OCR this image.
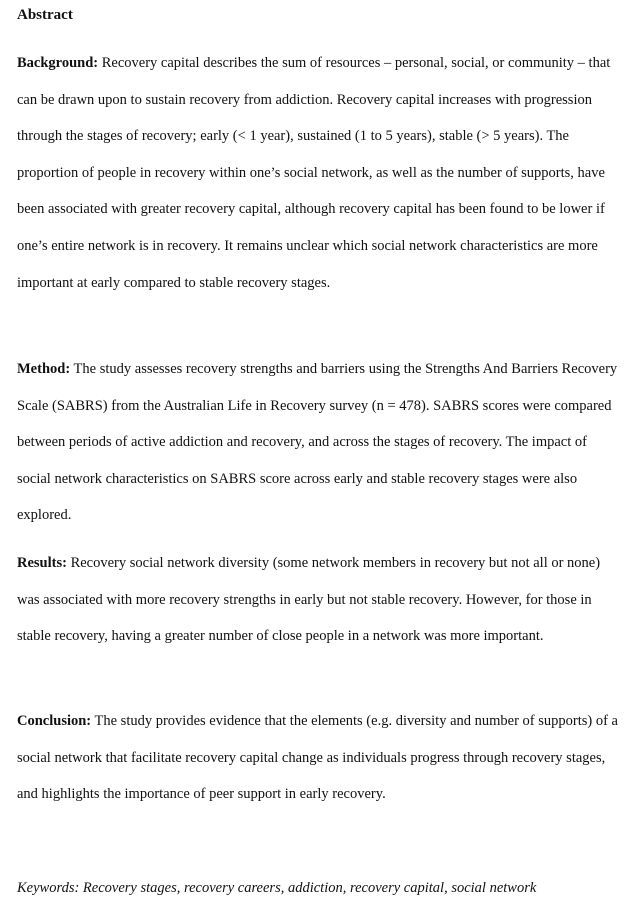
Abstract

Background: Recovery capital describes the sum of resources – personal, social, or community – that can be drawn upon to sustain recovery from addiction. Recovery capital increases with progression through the stages of recovery; early (< 1 year), sustained (1 to 5 years), stable (> 5 years). The proportion of people in recovery within one’s social network, as well as the number of supports, have been associated with greater recovery capital, although recovery capital has been found to be lower if one’s entire network is in recovery. It remains unclear which social network characteristics are more important at early compared to stable recovery stages.

Method: The study assesses recovery strengths and barriers using the Strengths And Barriers Recovery Scale (SABRS) from the Australian Life in Recovery survey (n = 478). SABRS scores were compared between periods of active addiction and recovery, and across the stages of recovery. The impact of social network characteristics on SABRS score across early and stable recovery stages were also explored.

Results: Recovery social network diversity (some network members in recovery but not all or none) was associated with more recovery strengths in early but not stable recovery. However, for those in stable recovery, having a greater number of close people in a network was more important.

Conclusion: The study provides evidence that the elements (e.g. diversity and number of supports) of a social network that facilitate recovery capital change as individuals progress through recovery stages, and highlights the importance of peer support in early recovery.

Keywords: Recovery stages, recovery careers, addiction, recovery capital, social network
